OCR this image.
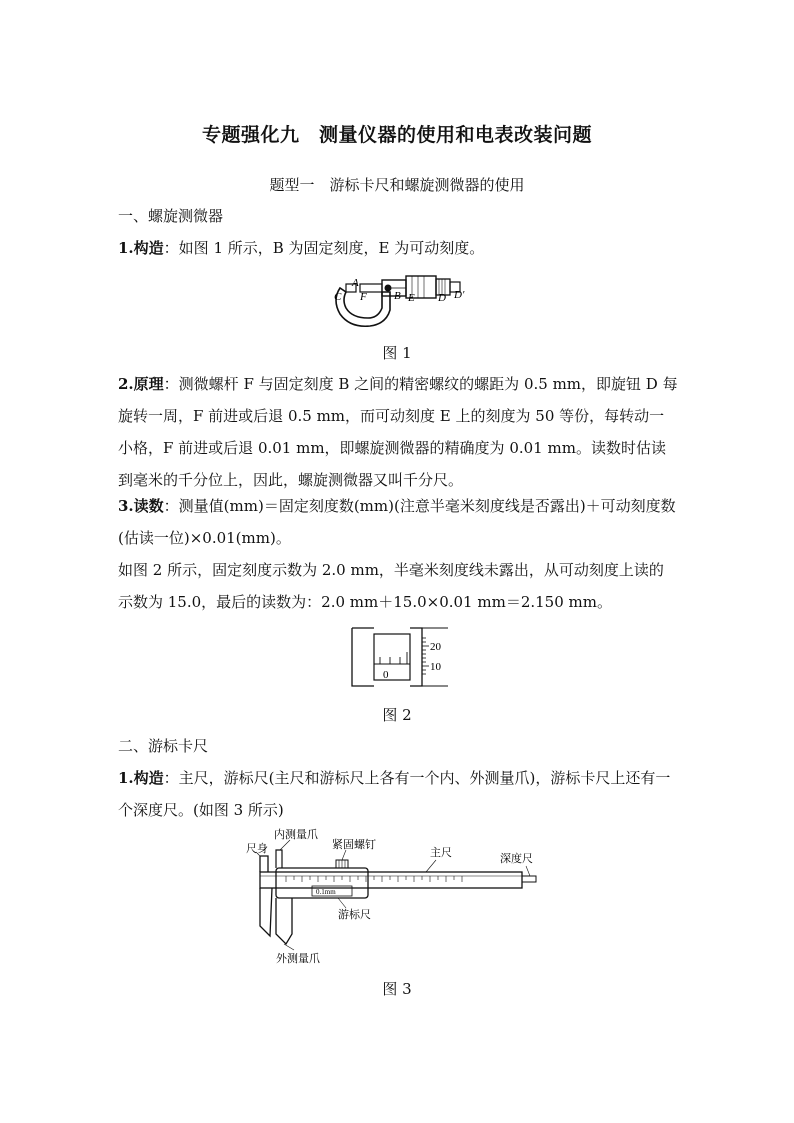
专题强化九　测量仪器的使用和电表改装问题
题型一　游标卡尺和螺旋测微器的使用

一、螺旋测微器

1.构造：如图 1 所示，B 为固定刻度，E 为可动刻度。

A
F
C	B E D D′
图 1

2.原理：测微螺杆 F 与固定刻度 B 之间的精密螺纹的螺距为 0.5 mm，即旋钮 D 每旋转一周，F 前进或后退 0.5 mm，而可动刻度 E 上的刻度为 50 等份，每转动一小格，F 前进或后退 0.01 mm，即螺旋测微器的精确度为 0.01 mm。读数时估读到毫米的千分位上，因此，螺旋测微器又叫千分尺。

3.读数：测量值(mm)＝固定刻度数(mm)(注意半毫米刻度线是否露出)＋可动刻度数(估读一位)×0.01(mm)。

如图 2 所示，固定刻度示数为 2.0 mm，半毫米刻度线未露出，从可动刻度上读的示数为 15.0，最后的读数为：2.0 mm＋15.0×0.01 mm＝2.150 mm。

0
20
10
图 2

二、游标卡尺

1.构造：主尺，游标尺(主尺和游标尺上各有一个内、外测量爪)，游标卡尺上还有一个深度尺。(如图 3 所示)

内测量爪
尺身	紧固螺钉
主尺	深度尺
游标尺
外测量爪
0.1mm
图 3
